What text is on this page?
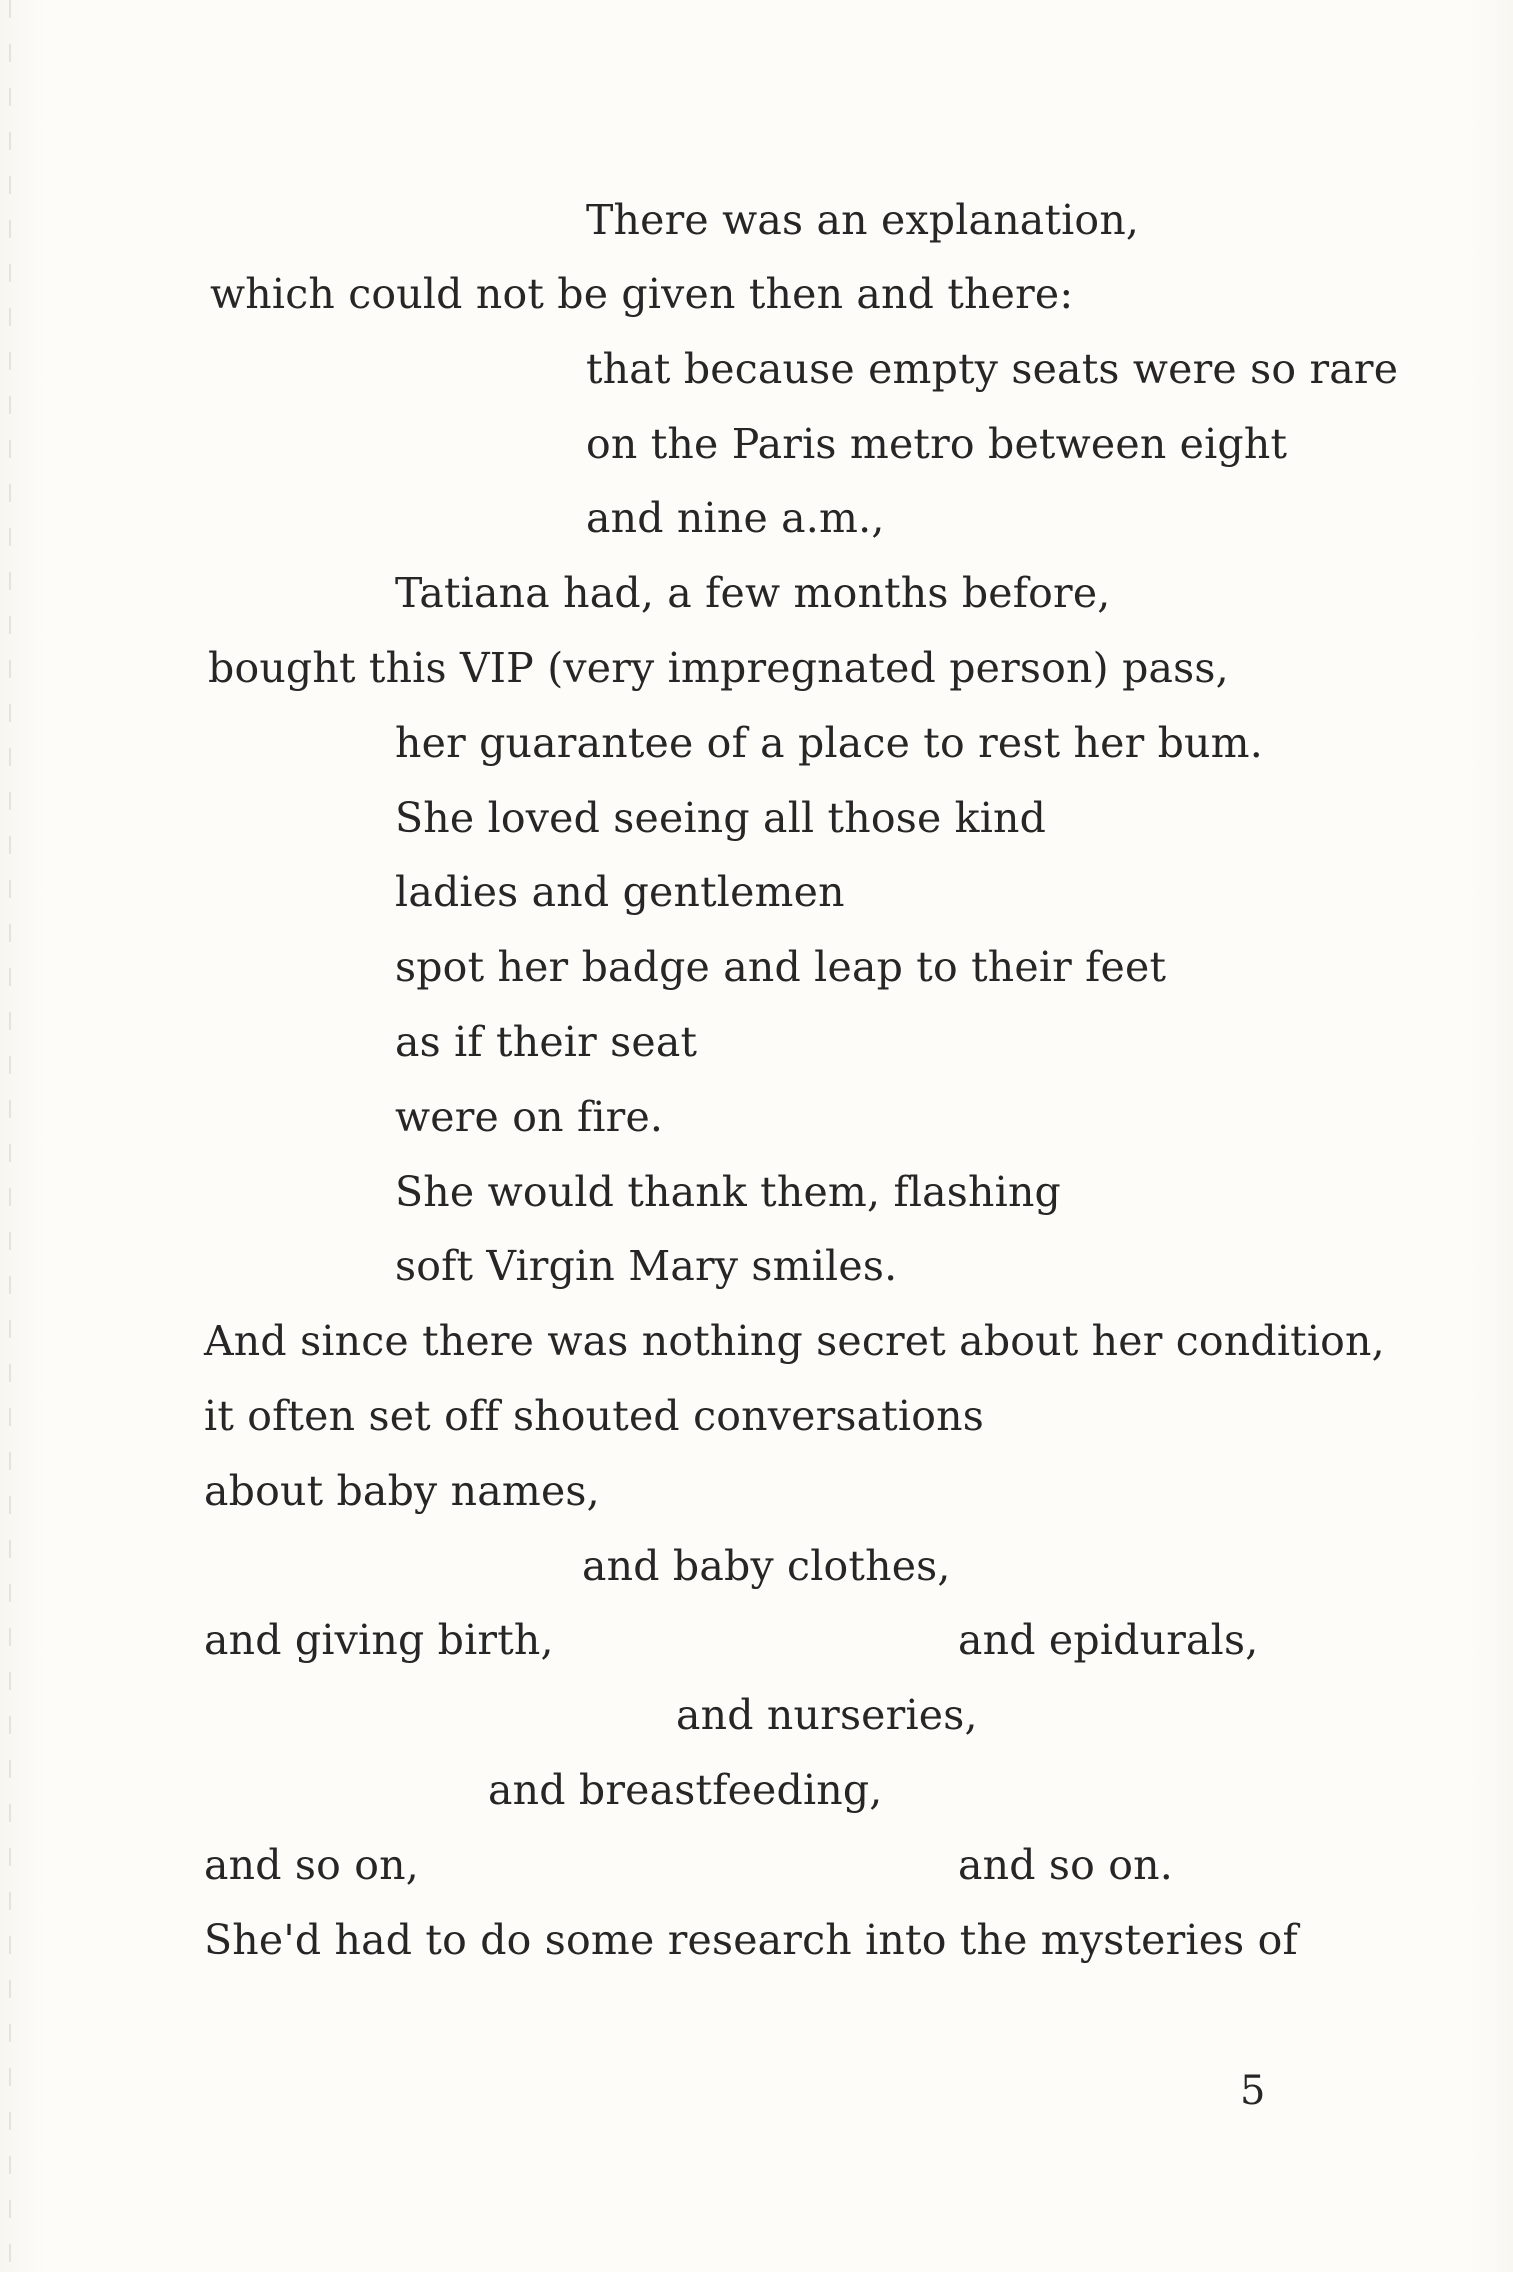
There was an explanation,
which could not be given then and there:
that because empty seats were so rare
on the Paris metro between eight
and nine a.m.,
Tatiana had, a few months before,
bought this VIP (very impregnated person) pass,
her guarantee of a place to rest her bum.
She loved seeing all those kind
ladies and gentlemen
spot her badge and leap to their feet
as if their seat
were on fire.
She would thank them, flashing
soft Virgin Mary smiles.
And since there was nothing secret about her condition,
it often set off shouted conversations
about baby names,
and baby clothes,
and giving birth,	and epidurals,
and nurseries,
and breastfeeding,
and so on,	and so on.
She'd had to do some research into the mysteries of
5
